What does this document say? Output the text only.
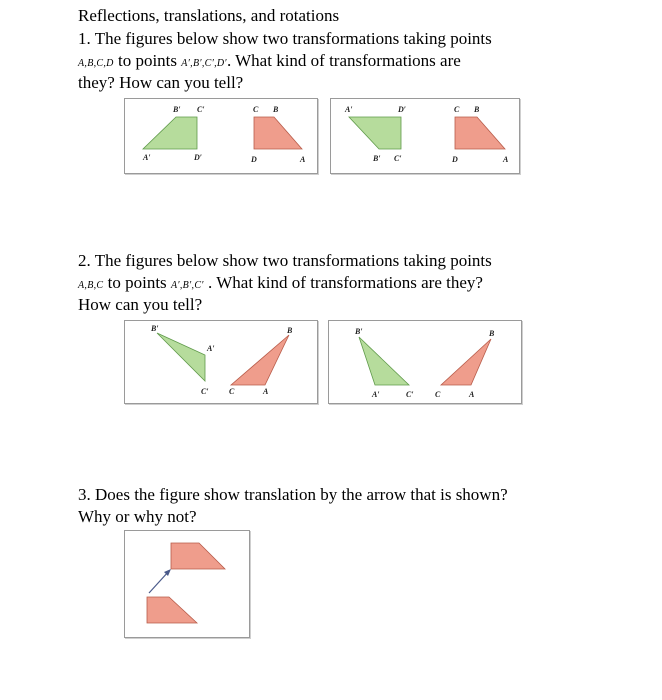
Reflections, translations, and rotations
1. The figures below show two transformations taking points
A,B,C,D to points A′,B′,C′,D′. What kind of transformations are
they? How can you tell?
B′ C′
A′	D′
C B
D	A
A′	D′
B′ C′
C B
D	A
2. The figures below show two transformations taking points
A,B,C to points A′,B′,C′ . What kind of transformations are they?
How can you tell?
B′
A′
C′
B
C	A
B′
A′	C′
B
C	A
3. Does the figure show translation by the arrow that is shown?
Why or why not?
